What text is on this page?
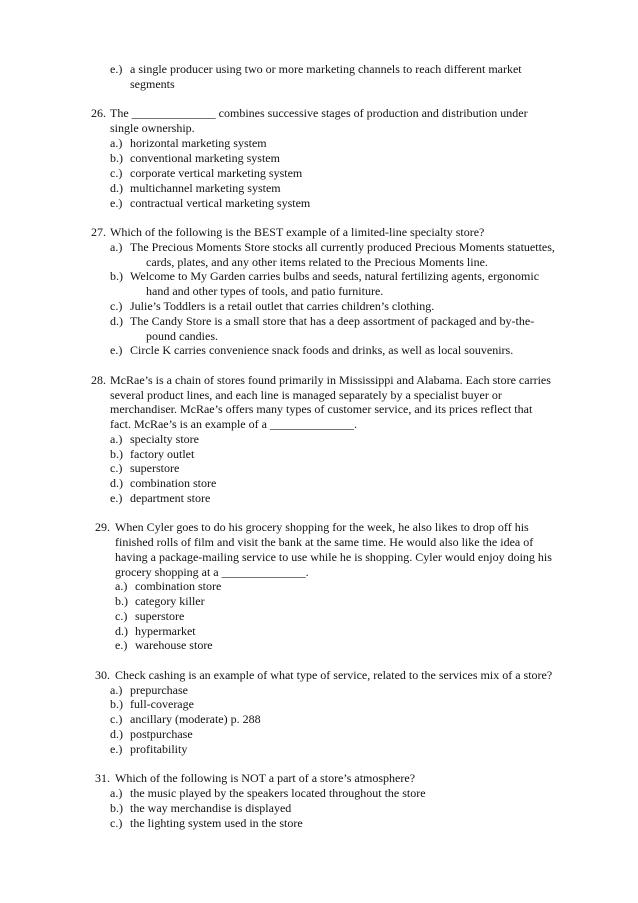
e.) a single producer using two or more marketing channels to reach different market
segments
26. The ______________ combines successive stages of production and distribution under
single ownership.
a.) horizontal marketing system
b.) conventional marketing system
c.) corporate vertical marketing system
d.) multichannel marketing system
e.) contractual vertical marketing system
27. Which of the following is the BEST example of a limited-line specialty store?
a.) The Precious Moments Store stocks all currently produced Precious Moments statuettes,
cards, plates, and any other items related to the Precious Moments line.
b.) Welcome to My Garden carries bulbs and seeds, natural fertilizing agents, ergonomic
hand and other types of tools, and patio furniture.
c.) Julie’s Toddlers is a retail outlet that carries children’s clothing.
d.) The Candy Store is a small store that has a deep assortment of packaged and by-the-
pound candies.
e.) Circle K carries convenience snack foods and drinks, as well as local souvenirs.
28. McRae’s is a chain of stores found primarily in Mississippi and Alabama. Each store carries
several product lines, and each line is managed separately by a specialist buyer or
merchandiser. McRae’s offers many types of customer service, and its prices reflect that
fact. McRae’s is an example of a ______________.
a.) specialty store
b.) factory outlet
c.) superstore
d.) combination store
e.) department store
29. When Cyler goes to do his grocery shopping for the week, he also likes to drop off his
finished rolls of film and visit the bank at the same time. He would also like the idea of
having a package-mailing service to use while he is shopping. Cyler would enjoy doing his
grocery shopping at a ______________.
a.) combination store
b.) category killer
c.) superstore
d.) hypermarket
e.) warehouse store
30. Check cashing is an example of what type of service, related to the services mix of a store?
a.) prepurchase
b.) full-coverage
c.) ancillary (moderate) p. 288
d.) postpurchase
e.) profitability
31. Which of the following is NOT a part of a store’s atmosphere?
a.) the music played by the speakers located throughout the store
b.) the way merchandise is displayed
c.) the lighting system used in the store
